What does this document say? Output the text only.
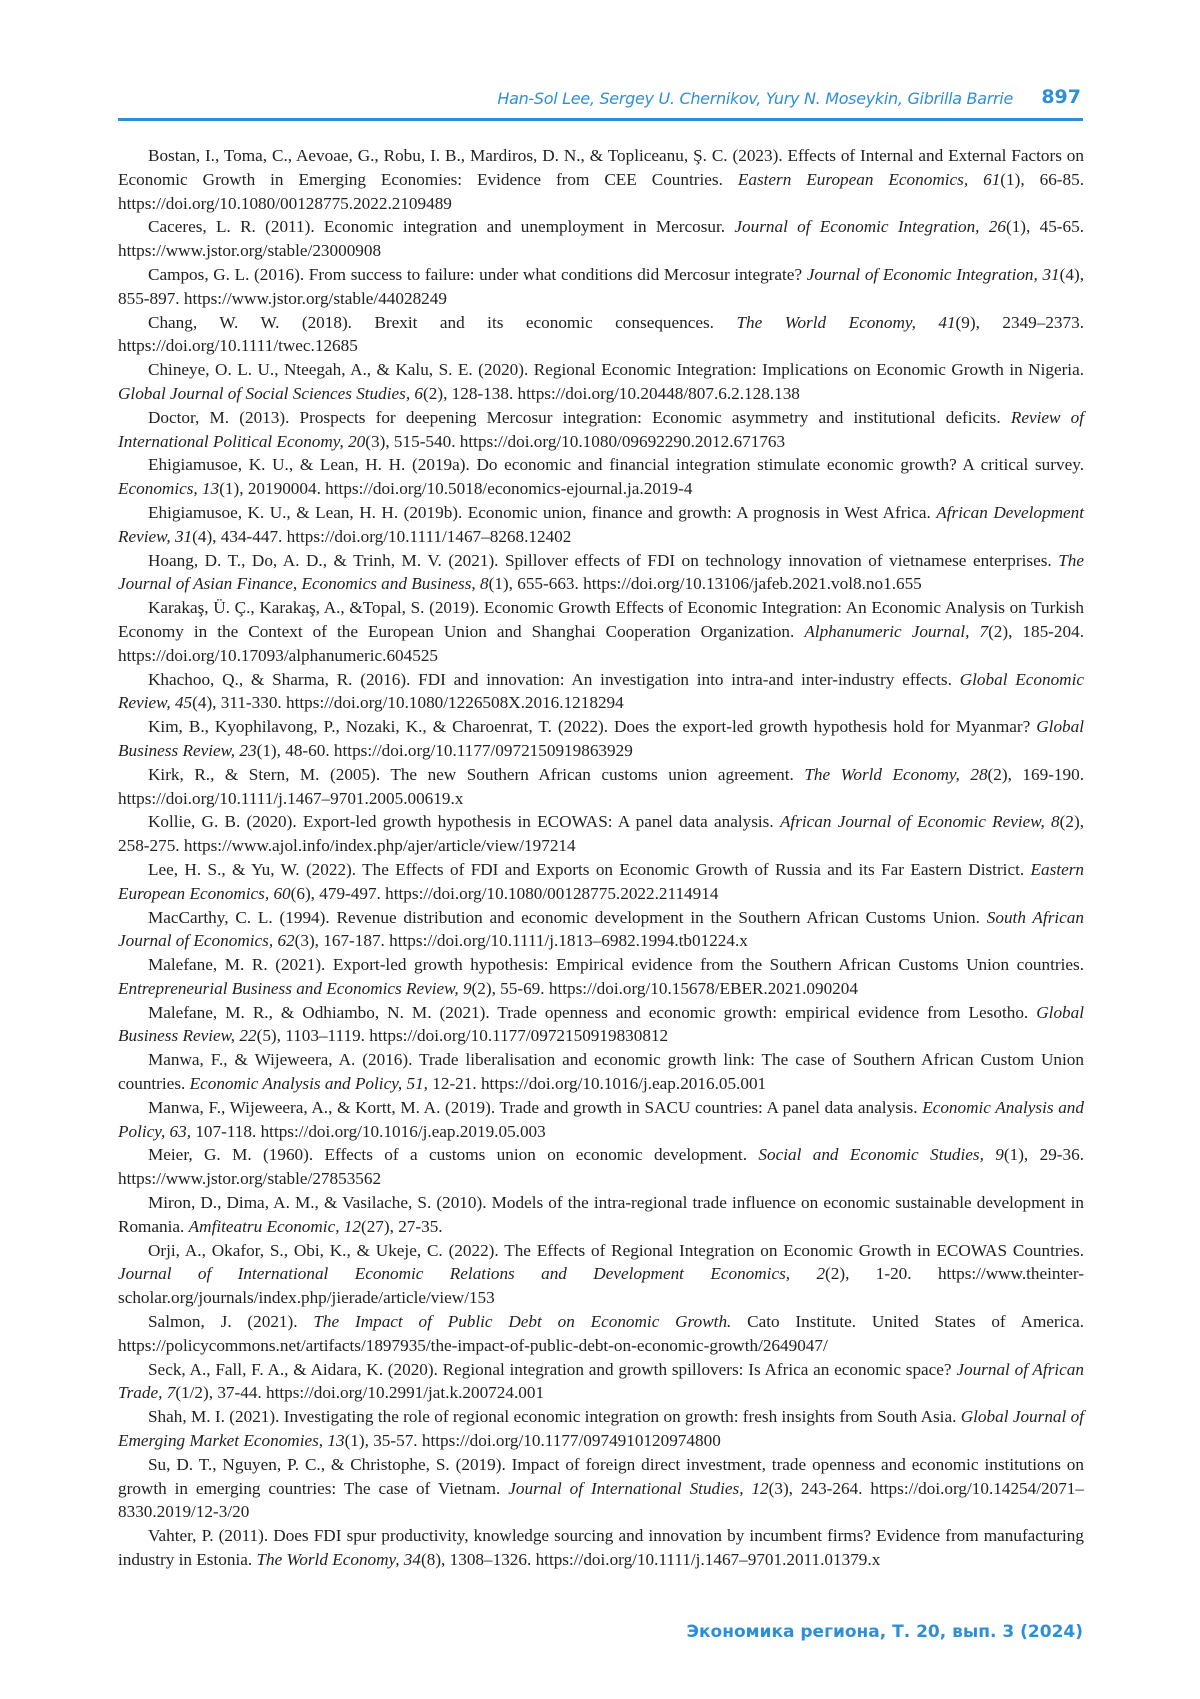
Han-Sol Lee, Sergey U. Chernikov, Yury N. Moseykin, Gibrilla Barrie 897

Bostan, I., Toma, C., Aevoae, G., Robu, I. B., Mardiros, D. N., & Topliceanu, Ş. C. (2023). Effects of Internal and External Factors on Economic Growth in Emerging Economies: Evidence from CEE Countries. Eastern European Economics, 61(1), 66-85. https://doi.org/10.1080/00128775.2022.2109489

Caceres, L. R. (2011). Economic integration and unemployment in Mercosur. Journal of Economic Integration, 26(1), 45-65. https://www.jstor.org/stable/23000908

Campos, G. L. (2016). From success to failure: under what conditions did Mercosur integrate? Journal of Economic Integration, 31(4), 855-897. https://www.jstor.org/stable/44028249

Chang, W. W. (2018). Brexit and its economic consequences. The World Economy, 41(9), 2349–2373. https://doi.org/10.1111/twec.12685

Chineye, O. L. U., Nteegah, A., & Kalu, S. E. (2020). Regional Economic Integration: Implications on Economic Growth in Nigeria. Global Journal of Social Sciences Studies, 6(2), 128-138. https://doi.org/10.20448/807.6.2.128.138

Doctor, M. (2013). Prospects for deepening Mercosur integration: Economic asymmetry and institutional deficits. Review of International Political Economy, 20(3), 515-540. https://doi.org/10.1080/09692290.2012.671763

Ehigiamusoe, K. U., & Lean, H. H. (2019a). Do economic and financial integration stimulate economic growth? A critical survey. Economics, 13(1), 20190004. https://doi.org/10.5018/economics-ejournal.ja.2019-4

Ehigiamusoe, K. U., & Lean, H. H. (2019b). Economic union, finance and growth: A prognosis in West Africa. African Development Review, 31(4), 434-447. https://doi.org/10.1111/1467–8268.12402

Hoang, D. T., Do, A. D., & Trinh, M. V. (2021). Spillover effects of FDI on technology innovation of vietnamese enterprises. The Journal of Asian Finance, Economics and Business, 8(1), 655-663. https://doi.org/10.13106/jafeb.2021.vol8.no1.655

Karakaş, Ü. Ç., Karakaş, A., &Topal, S. (2019). Economic Growth Effects of Economic Integration: An Economic Analysis on Turkish Economy in the Context of the European Union and Shanghai Cooperation Organization. Alphanumeric Journal, 7(2), 185-204. https://doi.org/10.17093/alphanumeric.604525

Khachoo, Q., & Sharma, R. (2016). FDI and innovation: An investigation into intra-and inter-industry effects. Global Economic Review, 45(4), 311-330. https://doi.org/10.1080/1226508X.2016.1218294

Kim, B., Kyophilavong, P., Nozaki, K., & Charoenrat, T. (2022). Does the export-led growth hypothesis hold for Myanmar? Global Business Review, 23(1), 48-60. https://doi.org/10.1177/0972150919863929

Kirk, R., & Stern, M. (2005). The new Southern African customs union agreement. The World Economy, 28(2), 169-190. https://doi.org/10.1111/j.1467–9701.2005.00619.x

Kollie, G. B. (2020). Export-led growth hypothesis in ECOWAS: A panel data analysis. African Journal of Economic Review, 8(2), 258-275. https://www.ajol.info/index.php/ajer/article/view/197214

Lee, H. S., & Yu, W. (2022). The Effects of FDI and Exports on Economic Growth of Russia and its Far Eastern District. Eastern European Economics, 60(6), 479-497. https://doi.org/10.1080/00128775.2022.2114914

MacCarthy, C. L. (1994). Revenue distribution and economic development in the Southern African Customs Union. South African Journal of Economics, 62(3), 167-187. https://doi.org/10.1111/j.1813–6982.1994.tb01224.x

Malefane, M. R. (2021). Export-led growth hypothesis: Empirical evidence from the Southern African Customs Union countries. Entrepreneurial Business and Economics Review, 9(2), 55-69. https://doi.org/10.15678/EBER.2021.090204

Malefane, M. R., & Odhiambo, N. M. (2021). Trade openness and economic growth: empirical evidence from Lesotho. Global Business Review, 22(5), 1103–1119. https://doi.org/10.1177/0972150919830812

Manwa, F., & Wijeweera, A. (2016). Trade liberalisation and economic growth link: The case of Southern African Custom Union countries. Economic Analysis and Policy, 51, 12-21. https://doi.org/10.1016/j.eap.2016.05.001

Manwa, F., Wijeweera, A., & Kortt, M. A. (2019). Trade and growth in SACU countries: A panel data analysis. Economic Analysis and Policy, 63, 107-118. https://doi.org/10.1016/j.eap.2019.05.003

Meier, G. M. (1960). Effects of a customs union on economic development. Social and Economic Studies, 9(1), 29-36. https://www.jstor.org/stable/27853562

Miron, D., Dima, A. M., & Vasilache, S. (2010). Models of the intra-regional trade influence on economic sustainable development in Romania. Amfiteatru Economic, 12(27), 27-35.

Orji, A., Okafor, S., Obi, K., & Ukeje, C. (2022). The Effects of Regional Integration on Economic Growth in ECOWAS Countries. Journal of International Economic Relations and Development Economics, 2(2), 1-20. https://www.theinter-scholar.org/journals/index.php/jierade/article/view/153

Salmon, J. (2021). The Impact of Public Debt on Economic Growth. Cato Institute. United States of America. https://policycommons.net/artifacts/1897935/the-impact-of-public-debt-on-economic-growth/2649047/

Seck, A., Fall, F. A., & Aidara, K. (2020). Regional integration and growth spillovers: Is Africa an economic space? Journal of African Trade, 7(1/2), 37-44. https://doi.org/10.2991/jat.k.200724.001

Shah, M. I. (2021). Investigating the role of regional economic integration on growth: fresh insights from South Asia. Global Journal of Emerging Market Economies, 13(1), 35-57. https://doi.org/10.1177/0974910120974800

Su, D. T., Nguyen, P. C., & Christophe, S. (2019). Impact of foreign direct investment, trade openness and economic institutions on growth in emerging countries: The case of Vietnam. Journal of International Studies, 12(3), 243-264. https://doi.org/10.14254/2071–8330.2019/12-3/20

Vahter, P. (2011). Does FDI spur productivity, knowledge sourcing and innovation by incumbent firms? Evidence from manufacturing industry in Estonia. The World Economy, 34(8), 1308–1326. https://doi.org/10.1111/j.1467–9701.2011.01379.x

Экономика региона, Т. 20, вып. 3 (2024)
